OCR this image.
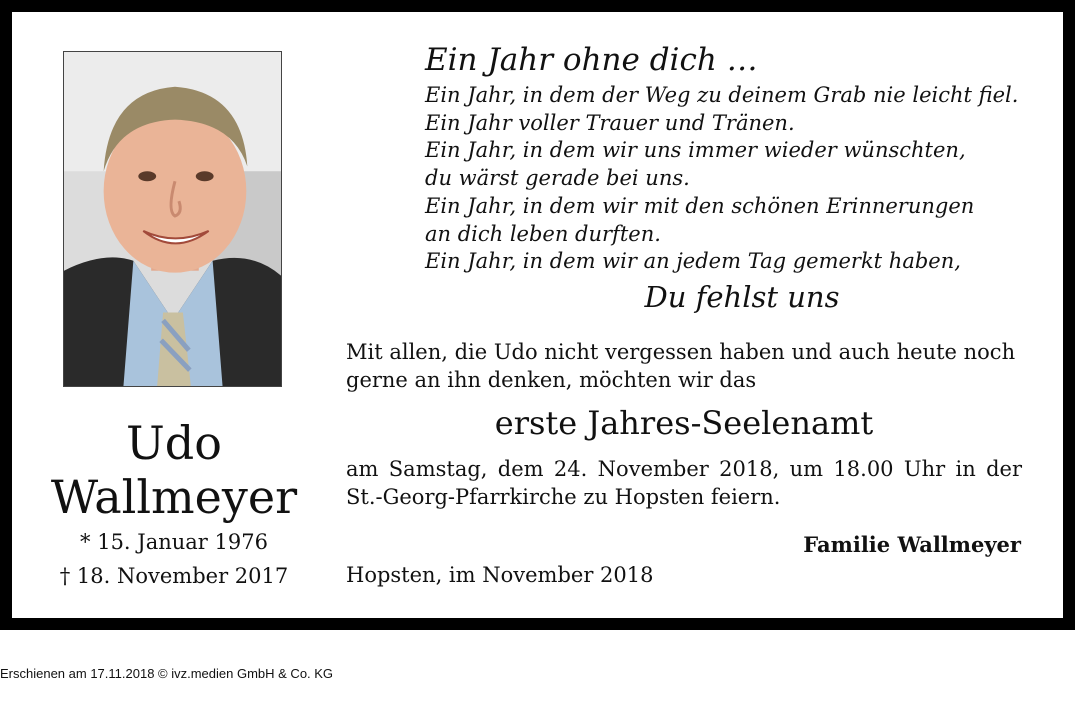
Udo
Wallmeyer
* 15. Januar 1976
† 18. November 2017
Ein Jahr ohne dich …
Ein Jahr, in dem der Weg zu deinem Grab nie leicht fiel.
Ein Jahr voller Trauer und Tränen.
Ein Jahr, in dem wir uns immer wieder wünschten,
du wärst gerade bei uns.
Ein Jahr, in dem wir mit den schönen Erinnerungen
an dich leben durften.
Ein Jahr, in dem wir an jedem Tag gemerkt haben,
Du fehlst uns
Mit allen, die Udo nicht vergessen haben und auch heute noch gerne an ihn denken, möchten wir das
erste Jahres-Seelenamt
am Samstag, dem 24. November 2018, um 18.00 Uhr in der St.-Georg-Pfarrkirche zu Hopsten feiern.
Familie Wallmeyer
Hopsten, im November 2018
Erschienen am 17.11.2018 © ivz.medien GmbH & Co. KG
